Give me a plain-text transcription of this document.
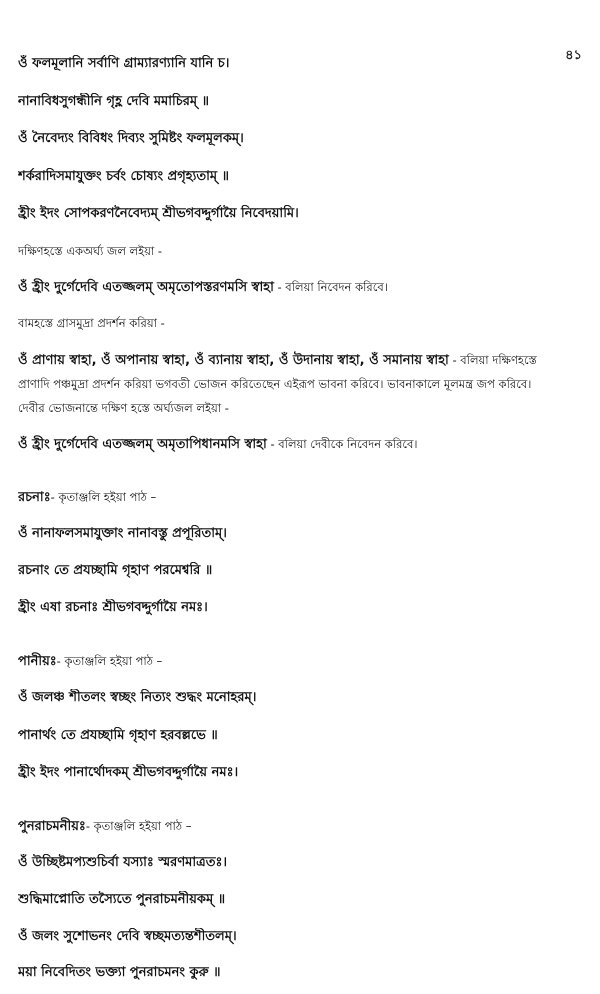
৪১
ওঁ ফলমূলানি সর্বাণি গ্রাম্যারণ্যানি যানি চ।
নানাবিধসুগন্ধীনি গৃহ্ণ দেবি মমাচিরম্ ॥
ওঁ নৈবেদ্যং বিবিধং দিব্যং সুমিষ্টং ফলমূলকম্।
শর্করাদিসমাযুক্তং চর্বং চোষ্যং প্রগৃহ্যতাম্ ॥
হ্রীং ইদং সোপকরণনৈবেদ্যম্ শ্রীভগবদ্দুর্গায়ৈ নিবেদয়ামি।
দক্ষিণহস্তে একঅর্ঘ্য জল লইয়া -
ওঁ হ্রীং দুর্গেদেবি এতজ্জলম্ অমৃতোপস্তরণমসি স্বাহা - বলিয়া নিবেদন করিবে।
বামহস্তে গ্রাসমুদ্রা প্রদর্শন করিয়া -
ওঁ প্রাণায় স্বাহা, ওঁ অপানায় স্বাহা, ওঁ ব্যানায় স্বাহা, ওঁ উদানায় স্বাহা, ওঁ সমানায় স্বাহা - বলিয়া দক্ষিণহস্তে
প্রাণাদি পঞ্চমুদ্রা প্রদর্শন করিয়া ভগবতী ভোজন করিতেছেন এইরূপ ভাবনা করিবে। ভাবনাকালে মূলমন্ত্র জপ করিবে।
দেবীর ভোজনান্তে দক্ষিণ হস্তে অর্ঘ্যজল লইয়া -
ওঁ হ্রীং দুর্গেদেবি এতজ্জলম্ অমৃতাপিধানমসি স্বাহা - বলিয়া দেবীকে নিবেদন করিবে।
রচনাঃ- কৃতাঞ্জলি হইয়া পাঠ –
ওঁ নানাফলসমাযুক্তাং নানাবস্তু প্রপূরিতাম্।
রচনাং তে প্রযচ্ছামি গৃহাণ পরমেশ্বরি ॥
হ্রীং এষা রচনাঃ শ্রীভগবদ্দুর্গায়ৈ নমঃ।
পানীয়ঃ- কৃতাঞ্জলি হইয়া পাঠ –
ওঁ জলঞ্চ শীতলং স্বচ্ছং নিত্যং শুদ্ধং মনোহরম্।
পানার্থং তে প্রযচ্ছামি গৃহাণ হরবল্লভে ॥
হ্রীং ইদং পানার্থোদকম্ শ্রীভগবদ্দুর্গায়ৈ নমঃ।
পুনরাচমনীয়ঃ- কৃতাঞ্জলি হইয়া পাঠ –
ওঁ উচ্ছিষ্টমপ্যশুচির্বা যস্যাঃ স্মরণমাত্রতঃ।
শুদ্ধিমাপ্নোতি তস্যৈতে পুনরাচমনীয়কম্ ॥
ওঁ জলং সুশোভনং দেবি স্বচ্ছমত্যন্তশীতলম্।
ময়া নিবেদিতং ভক্ত্যা পুনরাচমনং কুরু ॥
